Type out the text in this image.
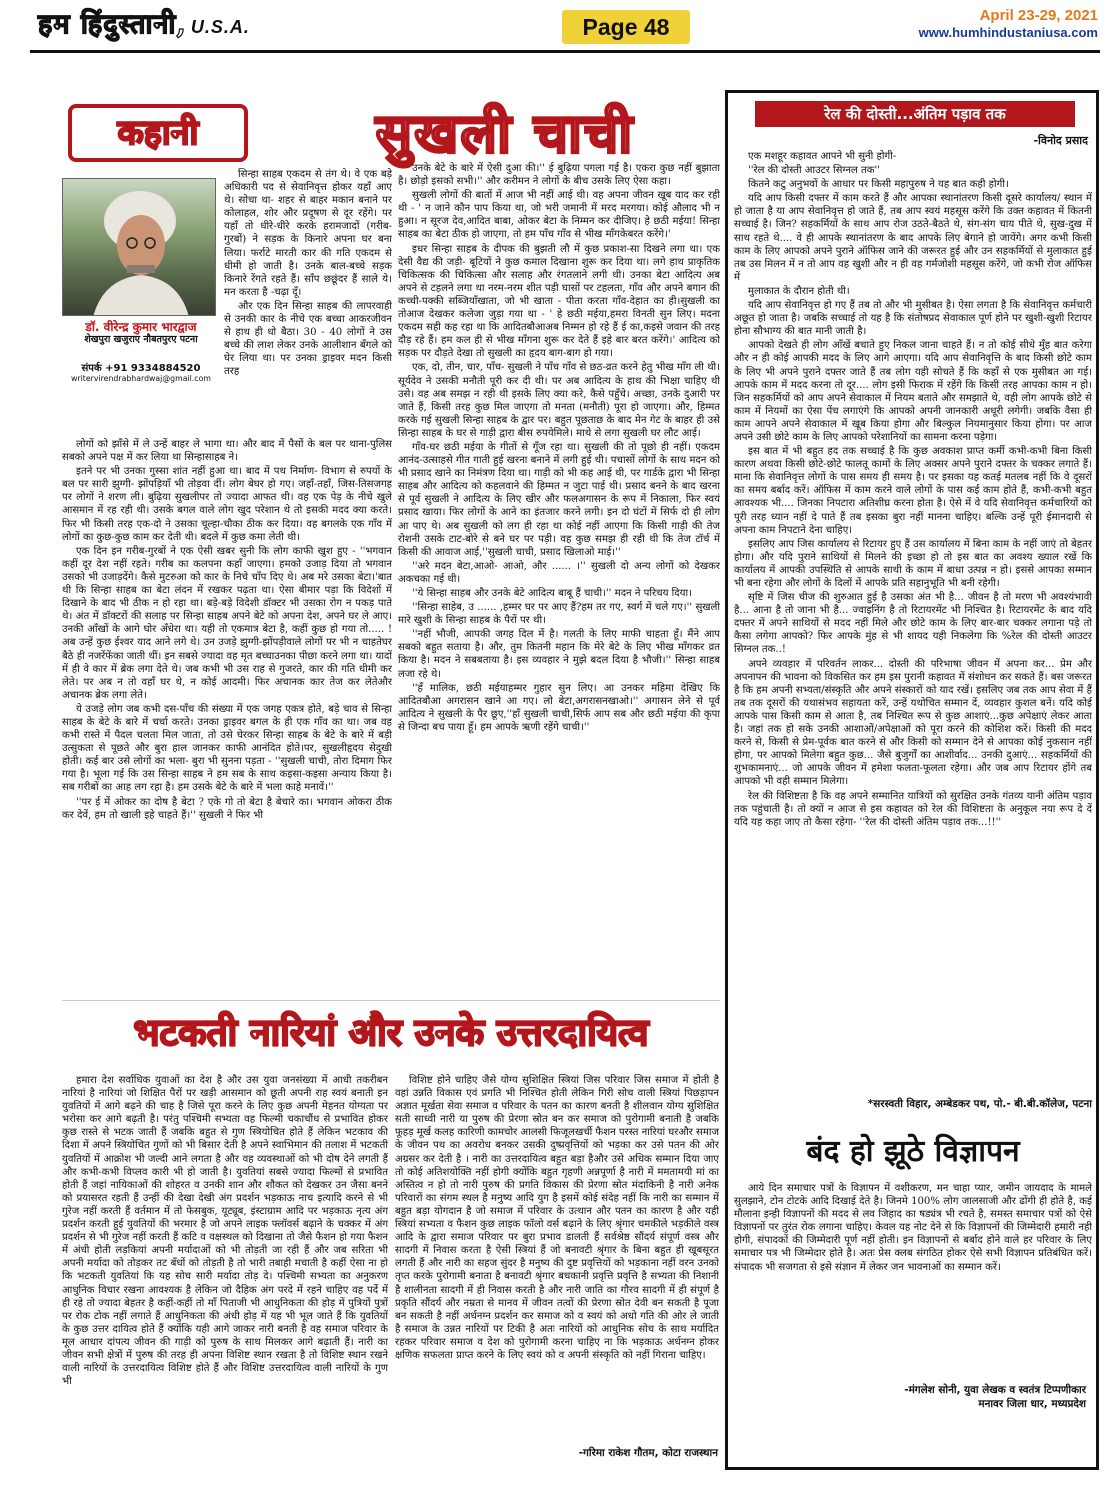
हम हिंदुस्तानी, U.S.A.	Page 48	April 23-29, 2021
www.humhindustaniusa.com
कहानी	सुखली चाची
डॉ. वीरेन्द्र कुमार भारद्वाज
शेखपुरा खजुराए नौबतपुरए पटना
संपर्क +91 9334884520
writervirendrabhardwaj@gmail.com

सिन्हा साहब एकदम से तंग थे। वे एक बड़े अधिकारी पद से सेवानिवृत्त होकर यहाँ आए थे। सोचा था- शहर से बाहर मकान बनाने पर कोलाहल, शोर और प्रदूषण से दूर रहेंगे। पर यहाँ तो धीरे-धीरे करके हरामजादों (गरीब-गुरबों) ने सड़क के किनारे अपना घर बना लिया। फर्राटे मारती कार की गति एकदम से धीमी हो जाती है। उनके बाल-बच्चे सड़क किनारे रेंगते रहते हैं। साँप छछूंदर हैं साले ये। मन करता है -चढ़ा दूँ।

और एक दिन सिन्हा साहब की लापरवाही से उनकी कार के नीचे एक बच्चा आकरजीवन से हाथ ही धो बैठा। 30 - 40 लोगों ने उस बच्चे की लाश लेकर उनके आलीशान बँगले को घेर लिया था। पर उनका ड्राइवर मदन किसी तरह

लोगों को झाँसे में ले उन्हें बाहर ले भागा था। और बाद में पैसों के बल पर थाना-पुलिस सबको अपने पक्ष में कर लिया था सिन्हासाहब ने।

इतने पर भी उनका गुस्सा शांत नहीं हुआ था। बाद में पथ निर्माण- विभाग से रुपयों के बल पर सारी झुग्गी- झोंपड़ियाँ भी तोड़वा दीं। लोग बेघर हो गए। जहाँ-तहाँ, जिस-तिसजगह पर लोगों ने शरण ली। बुढ़िया सुखलीपर तो ज्यादा आफत थी। वह एक पेड़ के नीचे खुले आसमान में रह रही थी। उसके बगल वाले लोग खुद परेशान थे तो इसकी मदद क्या करते। फिर भी किसी तरह एक-दो ने उसका चूल्हा-चौका ठीक कर दिया। वह बगलके एक गाँव में लोगों का कुछ-कुछ काम कर देती थी। बदले में कुछ कमा लेती थी।

एक दिन इन गरीब-गुरबों ने एक ऐसी खबर सुनी कि लोग काफी खुश हुए - ''भगवान कहीं दूर देश नहीं रहते। गरीब का कलपना कहाँ जाएगा। हमको उजाड़ दिया तो भगवान उसको भी उजाड़देंगे। कैसे मुटरुआ को कार के निचे चाँप दिए थे। अब मरे उसका बेटा।'बात थी कि सिन्हा साहब का बेटा लंदन में रखकर पढ़ता था। ऐसा बीमार पड़ा कि विदेशों में दिखाने के बाद भी ठीक न हो रहा था। बड़े-बड़े विदेशी डॉक्टर भी उसका रोग न पकड़ पाते थे। अंत में डॉक्टरों की सलाह पर सिन्हा साहब अपने बेटे को अपना देश, अपने घर ले आए। उनकी आँखों के आगे घोर अँधेरा था। यही तो एकमात्र बेटा है, कहीं कुछ हो गया तो..... ! अब उन्हें कुछ ईश्वर याद आने लगे थे। उन उजड़े झुग्गी-झोंपड़ीवाले लोगों पर भी न चाहतेघर बैठे ही नजरेंफेंका जाती थीं। इन सबसे ज्यादा वह मृत बच्चाउनका पीछा करने लगा था। यादों में ही वे कार में ब्रेक लगा देते थे। जब कभी भी उस राह से गुजरते, कार की गति धीमी कर लेते। पर अब न तो वहाँ घर थे, न कोई आदमी। फिर अचानक कार तेज कर लेतेऔर अचानक ब्रेक लगा लेते।

ये उजड़े लोग जब कभी दस-पाँच की संख्या में एक जगह एकत्र होते, बड़े चाव से सिन्हा साहब के बेटे के बारे में चर्चा करते। उनका ड्राइवर बगल के ही एक गाँव का था। जब वह कभी रास्ते में पैदल चलता मिल जाता, तो उसे घेरकर सिन्हा साहब के बेटे के बारे में बड़ी उत्सुकता से पूछते और बुरा हाल जानकर काफी आनंदित होते।पर, सुखलीहृदय सेदुखी होती। कई बार उसे लोगों का भला- बुरा भी सुनना पड़ता - ''सुखली चाची, तोरा दिमाग फिर गया है। भूला गई कि उस सिन्हा साहब ने हम सब के साथ कइसा-कइसा अन्याय किया है। सब गरीबों का आह लग रहा है। हम उसके बेटे के बारे में भला काहे मनावें।''

''पर ई में ओकर का दोष है बेटा ? एके गो तो बेटा है बेचारे का। भगवान ओकरा ठीक कर देवें, हम तो खाली इहे चाहते हैं।'' सुखली ने फिर भी

उनके बेटे के बारे में ऐसी दुआ की।'' ई बुढ़िया पगला गई है। एकरा कुछ नहीं बुझाता है। छोड़ो इसको सभी।'' और करीमन ने लोगों के बीच उसके लिए ऐसा कहा।

सुखली लोगों की बातों में आज भी नहीं आई थी। वह अपना जीवन खूब याद कर रही थी - ' न जाने कौन पाप किया था, जो भरी जमानी में मरद मरगया। कोई औलाद भी न हुआ। न सूरज देव,आदित बाबा, ओकर बेटा के निम्मन कर दीजिए। हे छठी मईया! सिन्हा साहब का बेटा ठीक हो जाएगा, तो हम पाँच गाँव से भीख माँगकेबरत करेंगे।'

इधर सिन्हा साहब के दीपक की बुझती लौ में कुछ प्रकाश-सा दिखने लगा था। एक देसी वैद्य की जड़ी- बूटियों ने कुछ कमाल दिखाना शुरू कर दिया था। लगे हाथ प्राकृतिक चिकित्सक की चिकित्सा और सलाह और रंगतलाने लगी थी। उनका बेटा आदित्य अब अपने से टहलने लगा था नरम-नरम शीत पड़ी घासों पर टहलता, गाँव और अपने बगान की कच्ची-पक्की सब्जियाँखाता, जो भी खाता - पीता करता गाँव-देहात का ही।सुखली का तोआज देखकर कलेजा जुड़ा गया था - ' हे छठी मईया,हमरा विनती सुन लिए। मदना एकदम सही कह रहा था कि आदितबौआअब निम्मन हो रहे हैं ई का,कइसे जवान की तरह दौड़ रहे हैं। हम कल ही से भीख माँगना शुरू कर देते हैं इहे बार बरत करेंगे।' आदित्य को सड़क पर दौड़ते देखा तो सुखली का हृदय बाग-बाग हो गया।

एक, दो, तीन, चार, पाँच- सुखली ने पाँच गाँव से छठ-व्रत करने हेतु भीख माँग ली थी। सूर्यदेव ने उसकी मनौती पूरी कर दी थी। पर अब आदित्य के हाथ की भिक्षा चाहिए थी उसे। वह अब समझ न रही थी इसके लिए क्या करे, कैसे पहुँचे। अच्छा, उनके दुआरी पर जाते हैं, किसी तरह कुछ मिल जाएगा तो मनता (मनौती) पूरा हो जाएगा। और, हिम्मत करके गई सुखली सिन्हा साहब के द्वार पर। बहुत पूछताछ के बाद मेन गेट के बाहर ही उसे सिन्हा साहब के घर से गाड़ी द्वारा बीस रुपयेमिले। माथे से लगा सुखली घर लौट आई।

गाँव-घर छठी मईया के गीतों से गूँज रहा था। सुखली की तो पूछो ही नहीं। एकदम आनंद-उत्साहसे गीत गाती हुई खरना बनाने में लगी हुई थी। पचासों लोगों के साथ मदन को भी प्रसाद खाने का निमंत्रण दिया था। गाड़ी को भी कह आई थी, पर गार्डके द्वारा भी सिन्हा साहब और आदित्य को कहलवाने की हिम्मत न जुटा पाई थी। प्रसाद बनने के बाद खरना से पूर्व सुखली ने आदित्य के लिए खीर और फलअगासन के रूप में निकाला, फिर स्वयं प्रसाद खाया। फिर लोगों के आने का इंतजार करने लगी। इन दो घंटों में सिर्फ दो ही लोग आ पाए थे। अब सुखली को लग ही रहा था कोई नहीं आएगा कि किसी गाड़ी की तेज रोशनी उसके टाट-बोरे से बने घर पर पड़ी। वह कुछ समझ ही रही थी कि तेज टॉर्च में किसी की आवाज आई,''सुखली चाची, प्रसाद खिलाओ माई।''

''अरे मदन बेटा,आओ- आओ, और ...... ।'' सुखली दो अन्य लोगों को देखकर अकचका गई थी।

''ये सिन्हा साहब और उनके बेटे आदित्य बाबू हैं चाची।'' मदन ने परिचय दिया।

''सिन्हा साहेब, उ ...... ,हम्मर घर पर आए हैं?हम तर गए, स्वर्ग में चले गए।'' सुखली मारे खुशी के सिन्हा साहब के पैरों पर थी।

''नहीं भौजी, आपकी जगह दिल में है। गलती के लिए माफी चाहता हूँ। मैंने आप सबको बहुत सताया है। और, तुम कितनी महान कि मेरे बेटे के लिए भीख माँगकर व्रत किया है। मदन ने सबबताया है। इस व्यवहार ने मुझे बदल दिया है भौजी।'' सिन्हा साहब लजा रहे थे।

''हँ मालिक, छठी मईयाहम्मर गुहार सुन लिए। आ उनकर महिमा देखिए कि आदितबौआ अगरासन खाने आ गए। लो बेटा,अगरासनखाओ।'' अगासन लेने से पूर्व आदित्य ने सुखली के पैर छूए,''हाँ सुखली चाची,सिर्फ आप सब और छठी मईया की कृपा से जिन्दा बच पाया हूँ। हम आपके ऋणी रहेंगे चाची।''

भटकती नारियां और उनके उत्तरदायित्व

हमारा देश सर्वाधिक युवाओं का देश है और उस युवा जनसंख्या में आधी तकरीबन नारियां है नारियां जो शिक्षित पैरों पर खड़ी आसमान को छूती अपनी राह स्वयं बनाती इन युवतियों में आगे बढ़ने की चाह है जिसे पूरा करने के लिए कुछ अपनी मेहनत योग्यता पर भरोसा कर आगे बढ़ती है। परंतु पश्चिमी सभ्यता वह फिल्मी चकाचौंध से प्रभावित होकर कुछ रास्ते से भटक जाती हैं जबकि बहुत से गुण स्त्रियोचित होते हैं लेकिन भटकाव की दिशा में अपने स्त्रियोचित गुणों को भी बिसार देती है अपने स्वाभिमान की तलाश में भटकती युवतियों में आक्रोश भी जल्दी आने लगता है और वह व्यवस्थाओं को भी दोष देने लगती हैं और कभी-कभी विप्लव कारी भी हो जाती है। युवतियां सबसे ज्यादा फिल्मों से प्रभावित होती हैं जहां नायिकाओं की शोहरत व उनकी शान और शौकत को देखकर उन जैसा बनने को प्रयासरत रहती हैं उन्हीं की देखा देखी अंग प्रदर्शन भड़काऊ नाच इत्यादि करने से भी गुरेज नहीं करती हैं वर्तमान में तो फेसबुक, यूट्यूब, इंस्टाग्राम आदि पर भड़काऊ नृत्य अंग प्रदर्शन करती हुई युवतियों की भरमार है जो अपने लाइक फ्लॉवर्स बढ़ाने के चक्कर में अंग प्रदर्शन से भी गुरेज नहीं करती हैं कटि व वक्षस्थल को दिखाना तो जैसे फैशन हो गया फैशन में अंधी होती लड़कियां अपनी मर्यादाओं को भी तोड़ती जा रही हैं और जब सरिता भी अपनी मर्यादा को तोड़कर तट बँधों को तोड़ती है तो भारी तबाही मचाती है कहीं ऐसा ना हो कि भटकती युवतियां कि यह सोच सारी मर्यादा तोड़ दे। पश्चिमी सभ्यता का अनुकरण आधुनिक विचार रखना आवश्यक है लेकिन जो दैहिक अंग परदे में रहने चाहिए वह पर्दे में ही रहे तो ज्यादा बेहतर है कहीं-कहीं तो माँ पिताजी भी आधुनिकता की होड़ में पुत्रियों पुत्रों पर रोक टोक नहीं लगाते हैं आधुनिकता की अंधी होड़ में यह भी भूल जाते हैं कि युवतियों के कुछ उत्तर दायित्व होते हैं क्योंकि यही आगे जाकर नारी बनती है वह समाज परिवार के मूल आधार दांपत्य जीवन की गाड़ी को पुरुष के साथ मिलकर आगे बढ़ाती हैं। नारी का जीवन सभी क्षेत्रों में पुरुष की तरह ही अपना विशिष्ट स्थान रखता है तो विशिष्ट स्थान रखने वाली नारियों के उत्तरदायित्व विशिष्ट होते हैं और विशिष्ट उत्तरदायित्व वाली नारियों के गुण भी

विशिष्ट होने चाहिए जैसे योग्य सुशिक्षित स्त्रियां जिस परिवार जिस समाज में होती है वहां उन्नति विकास एवं प्रगति भी निश्चित होती लेकिन गिरी सोच वाली स्त्रियां पिछड़ापन अज्ञात मूर्खता सेवा समाज व परिवार के पतन का कारण बनती है शीलवान योग्य सुशिक्षित सती साध्वी नारी या पुरुष की प्रेरणा स्रोत बन कर समाज को पुरोगामी बनाती है जबकि फूहड़ मूर्ख कलह कारिणी कामचोर आलसी फिजूलखर्ची फैशन परस्त नारियां घरऔर समाज के जीवन पथ का अवरोध बनकर उसकी दुष्प्रवृत्तियों को भड़का कर उसे पतन की ओर अग्रसर कर देती है । नारी का उत्तरदायित्व बहुत बड़ा हैऔर उसे अधिक सम्मान दिया जाए तो कोई अतिशयोक्ति नहीं होगी क्योंकि बहुत गृहणी अन्नपूर्णा है नारी में ममतामयी मां का अस्तित्व न हो तो नारी पुरुष की प्रगति विकास की प्रेरणा स्रोत मंदाकिनी है नारी अनेक परिवारों का संगम स्थल है मनुष्य आदि युग है इसमें कोई संदेह नहीं कि नारी का सम्मान में बहुत बड़ा योगदान है जो समाज में परिवार के उत्थान और पतन का कारण है और यही स्त्रियां सभ्यता व फैशन कुछ लाइक फॉलो वर्स बढ़ाने के लिए श्रृंगार चमकीले भड़कीले वस्त्र आदि के द्वारा समाज परिवार पर बुरा प्रभाव डालती हैं सर्वश्रेष्ठ सौंदर्य संपूर्ण वस्त्र और सादगी में निवास करता है ऐसी स्त्रियां हैं जो बनावटी श्रृंगार के बिना बहुत ही खूबसूरत लगती हैं और नारी का सहज सुंदर है मनुष्य की दुष्ट प्रवृत्तियों को भड़काना नहीं वरन उनको तृप्त करके पुरोगामी बनाता है बनावटी श्रृंगार बचकानी प्रवृत्ति प्रवृत्ति है सभ्यता की निशानी है शालीनता सादगी में ही निवास करती है और नारी जाति का गौरव सादगी में ही संपूर्ण है प्रकृति सौंदर्य और नम्रता से मानव में जीवन तत्वों की प्रेरणा स्रोत देवी बन सकती है पूजा बन सकती है नहीं अर्धनग्न प्रदर्शन कर समाज को व स्वयं को अधो गति की ओर ले जाती है समाज के उन्नत नारियों पर टिकी है अतः नारियों को आधुनिक सोच के साथ मर्यादित रहकर परिवार समाज व देश को पुरोगामी करना चाहिए ना कि भड़काऊ अर्धनग्न होकर क्षणिक सफलता प्राप्त करने के लिए स्वयं को व अपनी संस्कृति को नहीं गिराना चाहिए।

-गरिमा राकेश गौतम, कोटा राजस्थान
रेल की दोस्ती...अंतिम पड़ाव तक
-विनोद प्रसाद

एक मशहूर कहावत आपने भी सुनी होगी-

''रेल की दोस्ती आउटर सिग्नल तक''

कितने कटु अनुभवों के आधार पर किसी महापुरुष ने यह बात कही होगी।

यदि आप किसी दफ्तर में काम करते हैं और आपका स्थानांतरण किसी दूसरे कार्यालय/ स्थान में हो जाता है या आप सेवानिवृत्त हो जाते हैं, तब आप स्वयं महसूस करेंगे कि उक्त कहावत में कितनी सच्चाई है। जिन? सहकर्मियों के साथ आप रोज उठते-बैठते थे, संग-संग चाय पीते थे, सुख-दुख में साथ रहते थे.... वे ही आपके स्थानांतरण के बाद आपके लिए बेगाने हो जायेंगे। अगर कभी किसी काम के लिए आपको अपने पुराने ऑफिस जाने की जरूरत हुई और उन सहकर्मियों से मुलाकात हुई तब उस मिलन में न तो आप वह खुशी और न ही वह गर्मजोशी महसूस करेंगे, जो कभी रोज ऑफिस में

मुलाकात के दौरान होती थी।

यदि आप सेवानिवृत्त हो गए हैं तब तो और भी मुसीबत है। ऐसा लगता है कि सेवानिवृत्त कर्मचारी अछूत हो जाता है। जबकि सच्चाई तो यह है कि संतोषप्रद सेवाकाल पूर्ण होने पर खुशी-खुशी रिटायर होना सौभाग्य की बात मानी जाती है।

आपको देखते ही लोग आँखें बचाते हुए निकल जाना चाहते हैं। न तो कोई सीधे मुँह बात करेगा और न ही कोई आपकी मदद के लिए आगे आएगा। यदि आप सेवानिवृत्ति के बाद किसी छोटे काम के लिए भी अपने पुराने दफ्तर जाते हैं तब लोग यही सोचते हैं कि कहाँ से एक मुसीबत आ गई। आपके काम में मदद करना तो दूर.... लोग इसी फिराक में रहेंगे कि किसी तरह आपका काम न हो। जिन सहकर्मियों को आप अपने सेवाकाल में नियम बताते और समझाते थे, वही लोग आपके छोटे से काम में नियमों का ऐसा पेंच लगाएंगे कि आपको अपनी जानकारी अधूरी लगेगी। जबकि वैसा ही काम आपने अपने सेवाकाल में खूब किया होगा और बिल्कुल नियमानुसार किया होगा। पर आज अपने उसी छोटे काम के लिए आपको परेशानियों का सामना करना पड़ेगा।

इस बात में भी बहुत हद तक सच्चाई है कि कुछ अवकाश प्राप्त कर्मी कभी-कभी बिना किसी कारण अथवा किसी छोटे-छोटे फालतू कामों के लिए अक्सर अपने पुराने दफ्तर के चक्कर लगाते हैं। माना कि सेवानिवृत्त लोगों के पास समय ही समय है। पर इसका यह कतई मतलब नहीं कि वे दूसरों का समय बर्बाद करें। ऑफिस में काम करने वाले लोगों के पास कई काम होते हैं, कभी-कभी बहुत आवश्यक भी.... जिनका निपटारा अतिशीघ्र करना होता है। ऐसे में वे यदि सेवानिवृत्त कर्मचारियों को पूरी तरह ध्यान नहीं दे पाते हैं तब इसका बुरा नहीं मानना चाहिए। बल्कि उन्हें पूरी ईमानदारी से अपना काम निपटाने देना चाहिए।

इसलिए आप जिस कार्यालय से रिटायर हुए हैं उस कार्यालय में बिना काम के नहीं जाएं तो बेहतर होगा। और यदि पुराने साथियों से मिलने की इच्छा हो तो इस बात का अवश्य ख्याल रखें कि कार्यालय में आपकी उपस्थिति से आपके साथी के काम में बाधा उत्पन्न न हो। इससे आपका सम्मान भी बना रहेगा और लोगों के दिलों में आपके प्रति सहानुभूति भी बनी रहेगी।

सृष्टि में जिस चीज की शुरुआत हुई है उसका अंत भी है... जीवन है तो मरण भी अवश्यंभावी है... आना है तो जाना भी है... ज्वाइनिंग है तो रिटायरमेंट भी निश्चित है। रिटायरमेंट के बाद यदि दफ्तर में अपने साथियों से मदद नहीं मिले और छोटे काम के लिए बार-बार चक्कर लगाना पड़े तो कैसा लगेगा आपको? फिर आपके मुंह से भी शायद यही निकलेगा कि %रेल की दोस्ती आउटर सिग्नल तक..!

अपने व्यवहार में परिवर्तन लाकर... दोस्ती की परिभाषा जीवन में अपना कर... प्रेम और अपनापन की भावना को विकसित कर हम इस पुरानी कहावत में संशोधन कर सकते हैं। बस जरूरत है कि हम अपनी सभ्यता/संस्कृति और अपने संस्कारों को याद रखें। इसलिए जब तक आप सेवा में हैं तब तक दूसरों की यथासंभव सहायता करें, उन्हें यथोचित सम्मान दें, व्यवहार कुशल बनें। यदि कोई आपके पास किसी काम से आता है, तब निश्चित रूप से कुछ आशाएं...कुछ अपेक्षाएं लेकर आता है। जहां तक हो सके उनकी आशाओं/अपेक्षाओं को पूरा करने की कोशिश करें। किसी की मदद करने से, किसी से प्रेम-पूर्वक बात करने से और किसी को सम्मान देने से आपका कोई नुकसान नहीं होगा, पर आपको मिलेगा बहुत कुछ... जैसे बुजुर्गों का आशीर्वाद... उनकी दुआएं... सहकर्मियों की शुभकामनाएं... जो आपके जीवन में हमेशा फलता-फूलता रहेगा। और जब आप रिटायर होंगे तब आपको भी वही सम्मान मिलेगा।

रेल की विशिष्टता है कि वह अपने सम्मानित यात्रियों को सुरक्षित उनके गंतव्य यानी अंतिम पड़ाव तक पहुंचाती है। तो क्यों न आज से इस कहावत को रेल की विशिष्टता के अनुकूल नया रूप दे दें यदि यह कहा जाए तो कैसा रहेगा- ''रेल की दोस्ती अंतिम पड़ाव तक...!!''

*सरस्वती विहार, अम्बेडकर पथ, पो.- बी.बी.कॉलेज, पटना
बंद हो झूठे विज्ञापन

आये दिन समाचार पत्रों के विज्ञापन में वशीकरण, मन चाहा प्यार, जमीन जायदाद के मामले सुलझाने, टोन टोटके आदि दिखाई देते है। जिनमे 100% लोग जालसाजी और ढोंगी ही होते है, कई मौलाना इन्ही विज्ञापनों की मदद से लव जिहाद का षड्यंत्र भी रचते है, समस्त समाचार पत्रों को ऐसे विज्ञापनों पर तुरंत रोक लगाना चाहिए। केवल यह नोट देने से कि विज्ञापनों की जिम्मेदारी हमारी नही होगी, संपादकों की जिम्मेदारी पूर्ण नहीं होती। इन विज्ञापनों से बर्बाद होने वाले हर परिवार के लिए समाचार पत्र भी जिम्मेदार होते है। अतः प्रेस क्लब संगठित होकर ऐसे सभी विज्ञापन प्रतिबंधित करें। संपादक भी सजगता से इसे संज्ञान में लेकर जन भावनाओं का सम्मान करें।

-मंगलेश सोनी, युवा लेखक व स्वतंत्र टिप्पणीकार

मनावर जिला धार, मध्यप्रदेश
